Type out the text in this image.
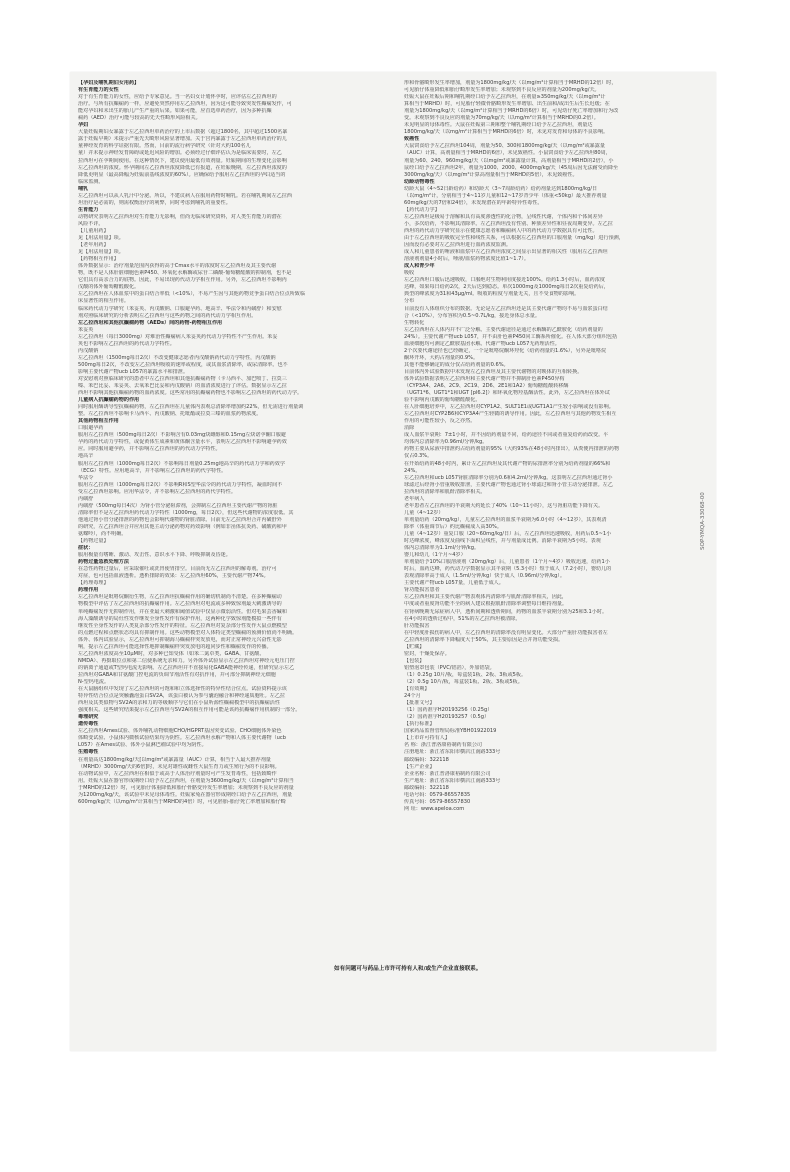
【孕妇及哺乳期妇女用药】
有生育能力的女性
对于有生育能力的女性，应给予专家意见。当一名妇女计划怀孕时，应评估左乙拉西坦的
治疗。与所有抗癫痫药一样，应避免突然停用左乙拉西坦，因为这可能导致突发性癫痫发作，可
能对孕妇和未出生的胎儿产生严重的后果。如果可能，应首选单药治疗，因为多种抗癫
痫药（AED）治疗可能与较高的先天性畸形风险相关。
孕妇
大量妊娠期妇女暴露于左乙拉西坦单药治疗的上市后数据（超过1800名，其中超过1500名暴
露于妊娠早期）未提示严重先天畸形风险显著增加。关于宫内暴露于左乙拉西坦单药治疗的儿
童神经发育的科学证据有限。然而，目前的流行病学研究（针对大约100名儿
童）并未提示神经发育障碍或延迟风险的增加。必须经过仔细评估认为是临床需要时，左乙
拉西坦可在孕期间使用。在这种情况下，建议使用最低有效剂量。妊娠期间的生理变化会影响
左乙拉西坦的浓度。怀孕期间左乙拉西坦浓度降低已有报道，在妊娠晚期，左乙拉西坦浓度的
降低更明显（最高降幅为妊娠前基线浓度的60%）。应确保给予服用左乙拉西坦的孕妇适当的
临床监测。
哺乳
左乙拉西坦可以从人乳汁中分泌。所以，不建议病人在服用药物时哺乳。若在哺乳期间左乙拉西
坦治疗是必需的，则需权衡治疗的利弊，同时考虑到哺乳的重要性。
生育能力
动物研究表明左乙拉西坦对生育能力无影响，但尚无临床研究资料，对人类生育能力的潜在
风险不详。
【儿童用药】
见【用法用量】项。
【老年用药】
见【用法用量】项。
【药物相互作用】
体外数据显示：治疗剂量范围内获得的高于Cmax水平的浓度时左乙拉西坦及其主要代谢
物，既不是人体肝脏细胞色素P450、环氧化水解酶或尿苷二磷酸-葡萄糖醛酸的抑制剂，也不是
它们具有高亲合力的底物。因此，不易出现药代动力学相互作用。另外，左乙拉西坦不影响丙
戊酸的体外葡萄糖醛酸化。
左乙拉西坦在人体血浆中的蛋白结合率低（<10%），不易产生因与其他药物竞争蛋白结合位点所致临
床显著性的相互作用。
临床药代动力学研究（苯妥英、丙戊酸钠、口服避孕药、地高辛、华法令和丙磺舒）和安慰
剂对照临床研究的分析表明左乙拉西坦与这些药物之间的药代动力学相互作用。
左乙拉西坦和其他抗癫痫药物（AEDs）间的药物-药物相互作用
苯妥英
左乙拉西坦（每日3000mg）对难治性癫痫病人苯妥英药代动力学特性不产生作用。苯妥
英也不影响左乙拉西坦的药代动力学特性。
丙戊酸钠
左乙拉西坦（1500mg每日2次）不改变健康志愿者丙戊酸钠药代动力学特性，丙戊酸钠
500mg每日2次，不改变左乙拉西坦吸收的速率或程度，或其血浆清除率，或尿清除率。也不
影响主要代谢产物ucb L057的暴露水平和排泄。
对安慰剂对照临床研究的患者中左乙拉西坦和其他抗癫痫药物（卡马西平、加巴喷丁、拉莫三
嗪、苯巴比妥、苯妥英、去氧苯巴比妥和丙戊酸钠）的血清浓度进行了评估。数据显示左乙拉
西坦不影响其他抗癫痫药物的血药浓度。这些常用的抗癫痫药物也不影响左乙拉西坦的药代动力学。
儿童病人抗癫痫药物的作用
同时服用酶诱导型抗癫痫药物，左乙拉西坦在儿童体内表观总清除率增加约22%，但无需进行剂量调
整。左乙拉西坦不影响卡马西平、丙戊酸钠、托吡酯或拉莫三嗪的血浆药物浓度。
其他药物相互作用
口服避孕药
服用左乙拉西坦（500mg每日2次）不影响含有0.03mg炔雌醇和0.15mg左炔诺孕酮口服避
孕药的药代动力学特性，或促黄体生成素和黄体酮含量水平，表明左乙拉西坦不影响避孕药效
应。同时服用避孕药，并不影响左乙拉西坦的药代动力学特性。
地高辛
服用左乙拉西坦（1000mg每日2次）不影响每日剂量0.25mg地高辛的药代动力学和药效学
（ECG）特性。应用地高辛，并不影响左乙拉西坦的药代学特性。
华法令
服用左乙拉西坦（1000mg每日2次）不影响R和S型华法令的药代动力学特性，凝血时间不
受左乙拉西坦影响。应用华法令，并不影响左乙拉西坦的药代学特性。
丙磺舒
丙磺舒（500mg每日4次）为肾小管分泌阻滞剂，会抑制左乙拉西坦主要代谢产物的肾脏
清除率但不是左乙拉西坦药代动力学特性（1000mg，每日2次），但这些代谢物的浓度很低。其
他通过肾小管分泌排泄的药物也会影响代谢物的肾脏清除。目前无左乙拉西坦合并丙磺舒外
的研究，左乙拉西坦合并应用其他主动分泌药物对药效影响（例如非甾体抗炎药、磺酸药和甲
氨蝶呤），尚不明确。
【药物过量】
症状：
服用极量有嗜睡、激动、攻击性、意识水平下降、呼吸抑制及昏迷。
药物过量急救处理方法
在急性药物过量后，应采取催吐或洗胃使胃排空。目前尚无左乙拉西坦的解毒剂。治疗可
对症，也可包括血液透析。透析排除的效果：左乙拉西坦60%，主要代谢产物74%。
【药理毒理】
药理作用
左乙拉西坦是吡咯烷酮衍生物，左乙拉西坦抗癫痫作用的确切机制尚不清楚。在多种癫痫动
物模型中评估了左乙拉西坦的抗癫痫作用。左乙拉西坦对电流或多种致惊剂最大刺激诱导的
单纯癫痫发作无抑制作用，并在亚最大刺激和阈值试验中仅显示微弱活性。但对毛果芸香碱和
海人藻酸诱导的局灶性发作继发全身性发作有保护作用，这两种化学致惊剂能模拟一些伴有
继发性全身性发作的人类复杂部分性发作的特征。左乙拉西坦对复杂部分性发作大鼠点燃模型
的点燃过程和点燃状态均具有抑制作用。这些动物模型对人体特定类型癫痫的预测价值尚不明确。
体外、体内试验显示，左乙拉西坦可抑制海马癫痫样突发放电，而对正常神经元兴奋性无影
响，提示左乙拉西坦可能选择性地抑制癫痫样突发放电的超同步性和癫痫发作的传播。
左乙拉西坦浓度高至10μM时，对多种已知受体（如苯二氮卓类、GABA、甘氨酸、
NMDA）、再摄取位点和第二信使系统无亲和力。另外体外试验显示左乙拉西坦对神经元电压门控
的钠离子通道或T型钙电流无影响。左乙拉西坦并不直接易化GABA能神经传递，但研究显示左乙
拉西坦对GABA和甘氨酸门控电流的负调节剂活性有对抗作用，并可部分抑制神经元细胞
N-型钙电流。
在大鼠脑组织中发现了左乙拉西坦的可饱和和立体选择性的特异性结合位点。试验资料提示该
特异性结合位点是突触囊泡蛋白SV2A，该蛋白被认为参与囊泡融合和神经递质胞吐。左乙拉
西坦及其类似物与SV2A的亲和力的等级顺序与它们在小鼠听源性癫痫模型中的抗癫痫活性
强度相关。这些研究结果提示左乙拉西坦与SV2A的相互作用可能是该药抗癫痫作用机制的一部分。
毒理研究
遗传毒性
左乙拉西坦Ames试验、体外哺乳动物细胞CHO/HGPRT基因突变试验、CHO细胞体外染色
体畸变试验、小鼠体内微核试验结果均为阴性。左乙拉西坦水解产物和人体主要代谢物（ucb
L057）在Ames试验、体外小鼠淋巴瘤试验中均为阴性。
生殖毒性
在剂量高达1800mg/kg/天[以mg/m²或暴露量（AUC）计算，相当于人最大推荐剂量
（MRHD）3000mg/天的6倍]时，未见对雄性或雌性大鼠生育力或生殖行为的不良影响。
在动物试验中，左乙拉西坦在相似于或高于人体治疗剂量时可产生发育毒性，包括致畸作
用。妊娠大鼠在器官形成期经口给予左乙拉西坦，在剂量为3600mg/kg/天（以mg/m²计算相当
于MRHD的12倍）时，可见胎仔体重降低和胎仔骨骼变异发生率增加；未观察到不良反应的剂量
为1200mg/kg/天，该试验中未见母体毒性。妊娠家兔在器官形成期经口给予左乙拉西坦，剂量
600mg/kg/天（以mg/m²计算相当于MRHD的4倍）时，可见胚胎-胎仔死亡率增加和胎仔畸
形和骨骼畸形发生率增加，剂量为1800mg/kg/天（以mg/m²计算相当于MRHD的12倍）时，
可见胎仔体重降低和胎仔畸形发生率增加；未观察到不良反应的剂量为200mg/kg/天。
妊娠大鼠在妊娠后期和哺乳期经口给予左乙拉西坦，在剂量≥350mg/kg/天（以mg/m²计
算相当于MRHD）时，可见胎仔轻微骨骼畸形发生率增加、出生前和/或出生后生长迟缓；在
剂量为1800mg/kg/天（以mg/m²计算相当于MRHD的6倍）时，可见幼仔死亡率增加和行为改
变。未观察到不良反应的剂量为70mg/kg/天（以mg/m²计算相当于MRHD的0.2倍）。
未见明显的母体毒性。大鼠在妊娠第三期和整个哺乳期经口给予左乙拉西坦，剂量达
1800mg/kg/天（以mg/m²计算相当于MRHD的6倍）时，未见对发育和母体的不良影响。
致癌性
大鼠饲食给予左乙拉西坦104周，剂量为50、300和1800mg/kg/天（以mg/m²或暴露量
（AUC）计算，高剂量相当于MRHD的6倍），未见致癌性。小鼠饲食给予左乙拉西坦80周，
剂量为60、240、960mg/kg/天（以mg/m²或暴露量计算，高剂量相当于MRHD的2倍），小
鼠经口给予左乙拉西坦2年，剂量为1000、2000、4000mg/kg/天（45周后因无法耐受而降至
3000mg/kg/天）（以mg/m²计算高剂量相当于MRHD的5倍），未见致癌性。
幼龄动物毒性
幼龄大鼠（4~52日龄给药）和幼龄犬（3~7周龄给药）给药剂量达到1800mg/kg/日
（以mg/m²计，分别相当于4~11岁儿童和12~17岁青少年（体重<50kg）最大推荐剂量
60mg/kg/天的7倍和24倍），未发现潜在的年龄特异性毒性。
【药代动力学】
左乙拉西坦是极易于溶解和具有高度渗透性的化合物，呈线性代谢，个体内和个体间差异
小，多次给药，不影响其清除率。左乙拉西坦没有性别、种族差异性和昼夜周期变异。左乙拉
西坦的药代动力学研究显示在健康志愿者和癫痫病人中的药代动力学数据具有可比性。
由于左乙拉西坦的吸收完全性和线性关系，可以根据左乙拉西坦的口服剂量（mg/kg）进行预测，
因而没有必要对左乙拉西坦进行血药浓度监测。
成人和儿童患者的唾液和血浆中左乙拉西坦浓度之间显示出显著的相关性（服用左乙拉西坦
溶液剂剂量4小时后，唾液/血浆药物浓度比值1~1.7）。
成人和青少年
吸收
左乙拉西坦口服后迅速吸收，口服绝对生物利用度接近100%。给药1.3小时后，血药浓度
达峰，如果每日给药2次，2天后达到稳态。单次1000mg及1000mg每日2次重复给药后，
典型的峰浓度为31和43μg/ml。吸收的程度与剂量无关，且不受食物的影响。
分布
目前没有人体组织分布的数据。无论是左乙拉西坦还是其主要代谢产物均不易与血浆蛋白结
合（<10%），分布容积为0.5~0.7L/kg，接近身体总水量。
生物转化
左乙拉西坦在人体内并不广泛分解。主要代谢途径是通过水解酶的乙酰胺化（给药剂量的
24%）。主要代谢产物ucb L057，并不由肝色素P450同工酶系所催化。在人体大部分组织包括
血液细胞均可测定乙酰胺基团水解。代谢产物ucb L057无药理活性。
2个次要代谢途径也已经确定，一个是吡咯烷酮环羟化（给药剂量的1.6%），另外是吡咯烷
酮环开环，大约占剂量的0.9%。
其他不能够确定的成分仅占给药剂量的0.6%。
目前体内外试验数据中未发现左乙拉西坦及其主要代谢物的对映体的互相转换。
体外试验数据表明左乙拉西坦和主要代谢产物并不抑制肝色素P450异构
（CYP3A4、2A6、2C9、2C19、2D6、2E1和1A2）葡萄糖醛酸转移酶
（UGT1*6、UGT1*1和UGT [pl6.2]）和环氧化物羟基酶活性。此外，左乙拉西坦在体外试
验不影响丙戊酸的葡萄糖醛酸化。
在人肝细胞培养中，左乙拉西坦对CYP1A2、SULT1E1或UGT1A1产生较小影响或没有影响。
左乙拉西坦对CYP2B6和CYP3A4产生轻微的诱导作用。因此，左乙拉西坦与其他药物发生相互
作用的可能性较小，反之亦然。
消除
成人血浆半衰期：7±1小时，并不因给药剂量不同，给药途径不同或者重复给药而改变。平
均体内总清除率为0.96ml/分钟/kg。
药物主要从尿液中排泄约占给药剂量的95%（大约93%在48小时内排出），从粪便内排泄的药物
仅占0.3%。
在开始给药的48小时内，累计左乙拉西坦及其代谢产物的尿排泄率分别为给药剂量的66%和
24%。
左乙拉西坦和ucb L057肾脏清除率分别为0.6和4.2ml/分钟/kg。这表明左乙拉西坦通过肾小
球滤过后经肾小管重吸收排泄，主要代谢产物也通过肾小球滤过和肾小管主动分泌排泄。左乙
拉西坦的清除率和肌酐清除率相关。
老年病人
老年患者左乙拉西坦的半衰期大约延长了40%（10~11小时），这与肾脏功能下降有关。
儿童（4~12岁）
单剂量给药（20mg/kg），儿童左乙拉西坦的血浆半衰期为6.0小时（4~12岁），其表观清
除率（体重调节后）约比癫痫成人高30%。
儿童（4~12岁）重复口服（20~60mg/kg/日）后，左乙拉西坦迅速吸收，用药后0.5~1小
时达峰浓度，峰浓度及曲线下面积呈线性，并与剂量成比例。消除半衰期为5小时。表观
体内总清除率为1.1ml/分钟/kg。
婴儿和幼儿（1个月~4岁）
单剂量给予10%口服溶液剂（20mg/kg）后，儿童患者（1个月~4岁）吸收迅速，给药1小
时后，血药达峰，药代动力学数据显示其半衰期（5.3小时）短于成人（7.2小时），婴幼儿的
表观清除率高于成人（1.5ml/分钟/kg）快于成人（0.96ml/分钟/kg）。
主要代谢产物ucb L057量，儿童低于成人。
肾功能损害患者
左乙拉西坦和其主要代谢产物表观体内清除率与肌酐清除率相关，因此，
中度或者重度肾功能不全的病人建议根据肌酐清除率调整每日维持剂量。
在肾病晚期无尿症病人中，透析间期和透析期间，药物的血浆半衰期分别为25和3.1小时。
在4小时的透析过程中，51%的左乙拉西坦被清除。
肝功能损害
在中轻度肝损伤的病人中，左乙拉西坦的清除率没有明显变化。大部分严重肝功能损害者左
乙拉西坦的清除率下降幅度大于50%，其主要原因是合并肾功能受损。
【贮藏】
密封，干燥处保存。
【包装】
铝塑泡罩包装（PVC/铝箔），外加铝袋。
（1）0.25g 10片/板，每盒装1板、2板、3板或5板。
（2）0.5g 10片/板，每盒装1板、2板、3板或5板。
【有效期】
24个月
【批准文号】
（1）国药准字H20193256（0.25g）
（2）国药准字H20193257（0.5g）
【执行标准】
国家药品监督管理局标准YBH01922019
【上市许可持有人】
名 称：浙江普洛康裕制药有限公司
注册地址：浙江省东阳市横店江南路333号
邮政编码：322118
【生产企业】
企业名称：浙江普洛康裕制药有限公司
生产地址：浙江省东阳市横店江南路333号
邮政编码：322118
电话号码：0579-86557835
传真号码：0579-86557830
网 址：www.apeloa.com
如有问题可与药品上市许可持有人和/或生产企业直接联系。
SOP-YMQA-33068-00
